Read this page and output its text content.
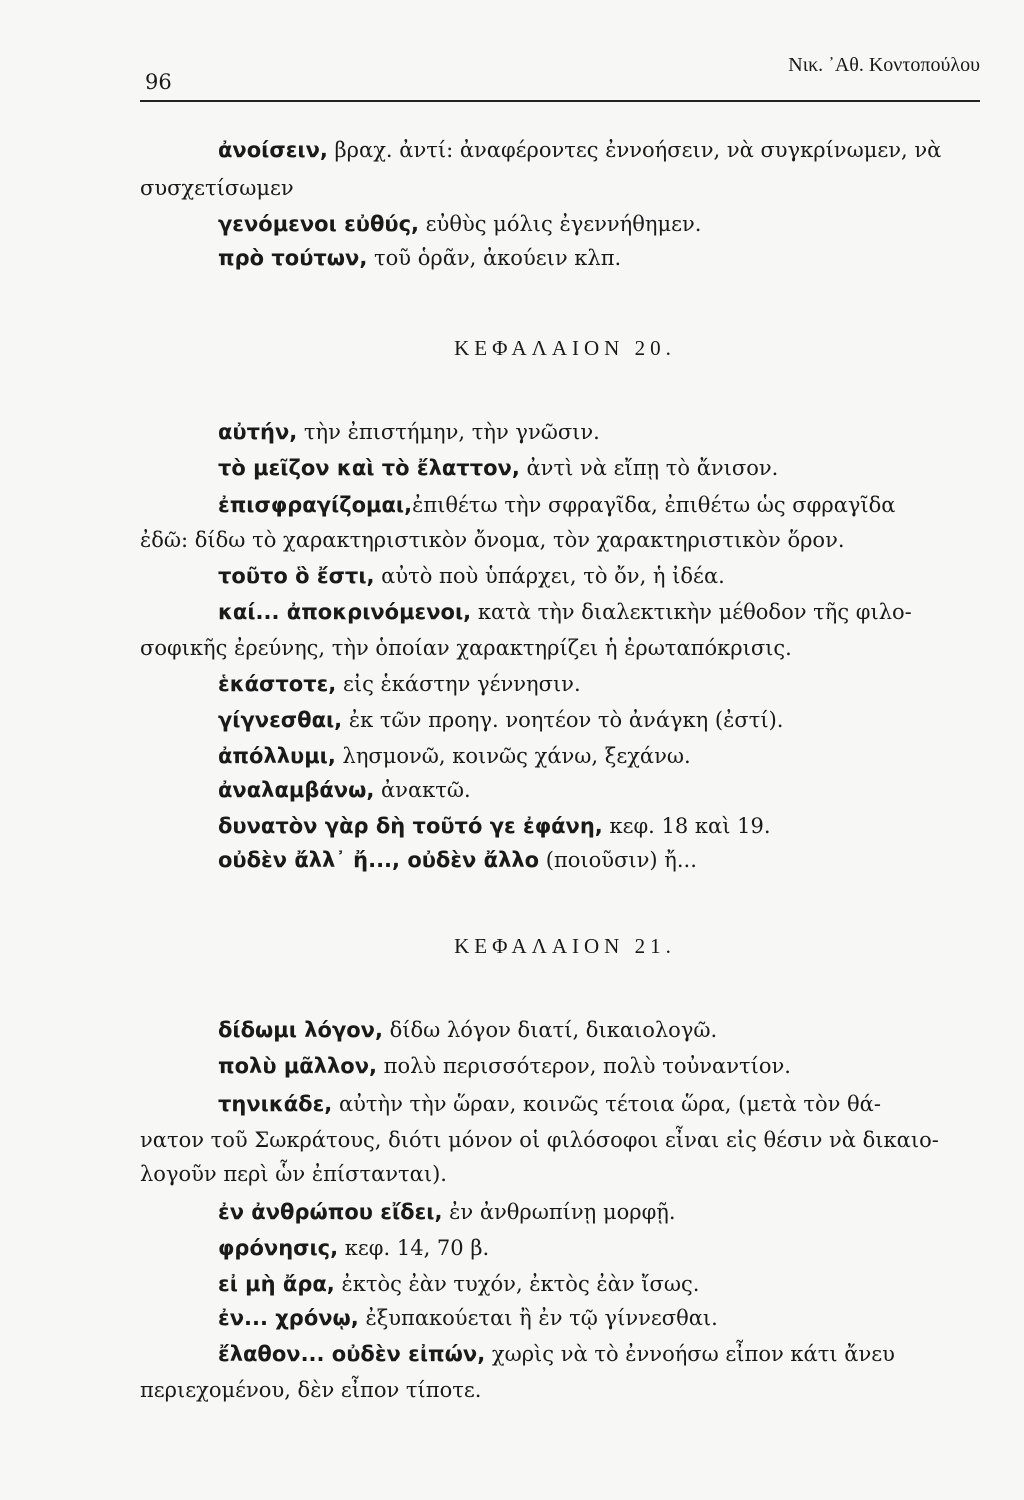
96
Νικ. ᾿Αθ. Κοντοπούλου
ἀνοίσειν, βραχ. ἀντί: ἀναφέροντες ἐννοήσειν, νὰ συγκρίνωμεν, νὰ
συσχετίσωμεν
γενόμενοι εὐθύς, εὐθὺς μόλις ἐγεννήθημεν.
πρὸ τούτων, τοῦ ὁρᾶν, ἀκούειν κλπ.
ΚΕΦΑΛΑΙΟΝ 20.
αὐτήν, τὴν ἐπιστήμην, τὴν γνῶσιν.
τὸ μεῖζον καὶ τὸ ἔλαττον, ἀντὶ νὰ εἴπῃ τὸ ἄνισον.
ἐπισφραγίζομαι,ἐπιθέτω τὴν σφραγῖδα, ἐπιθέτω ὡς σφραγῖδα
ἐδῶ: δίδω τὸ χαρακτηριστικὸν ὄνομα, τὸν χαρακτηριστικὸν ὅρον.
τοῦτο ὃ ἔστι, αὐτὸ ποὺ ὑπάρχει, τὸ ὄν, ἡ ἰδέα.
καί... ἀποκρινόμενοι, κατὰ τὴν διαλεκτικὴν μέθοδον τῆς φιλο-
σοφικῆς ἐρεύνης, τὴν ὁποίαν χαρακτηρίζει ἡ ἐρωταπόκρισις.
ἑκάστοτε, εἰς ἑκάστην γέννησιν.
γίγνεσθαι, ἐκ τῶν προηγ. νοητέον τὸ ἀνάγκη (ἐστί).
ἀπόλλυμι, λησμονῶ, κοινῶς χάνω, ξεχάνω.
ἀναλαμβάνω, ἀνακτῶ.
δυνατὸν γὰρ δὴ τοῦτό γε ἐφάνη, κεφ. 18 καὶ 19.
οὐδὲν ἄλλ᾿ ἤ..., οὐδὲν ἄλλο (ποιοῦσιν) ἤ...
ΚΕΦΑΛΑΙΟΝ 21.
δίδωμι λόγον, δίδω λόγον διατί, δικαιολογῶ.
πολὺ μᾶλλον, πολὺ περισσότερον, πολὺ τοὐναντίον.
τηνικάδε, αὐτὴν τὴν ὥραν, κοινῶς τέτοια ὥρα, (μετὰ τὸν θά-
νατον τοῦ Σωκράτους, διότι μόνον οἱ φιλόσοφοι εἶναι εἰς θέσιν νὰ δικαιο-
λογοῦν περὶ ὧν ἐπίστανται).
ἐν ἀνθρώπου εἴδει, ἐν ἀνθρωπίνῃ μορφῇ.
φρόνησις, κεφ. 14, 70 β.
εἰ μὴ ἄρα, ἐκτὸς ἐὰν τυχόν, ἐκτὸς ἐὰν ἴσως.
ἐν... χρόνῳ, ἐξυπακούεται ἢ ἐν τῷ γίννεσθαι.
ἔλαθον... οὐδὲν εἰπών, χωρὶς νὰ τὸ ἐννοήσω εἶπον κάτι ἄνευ
περιεχομένου, δὲν εἶπον τίποτε.
